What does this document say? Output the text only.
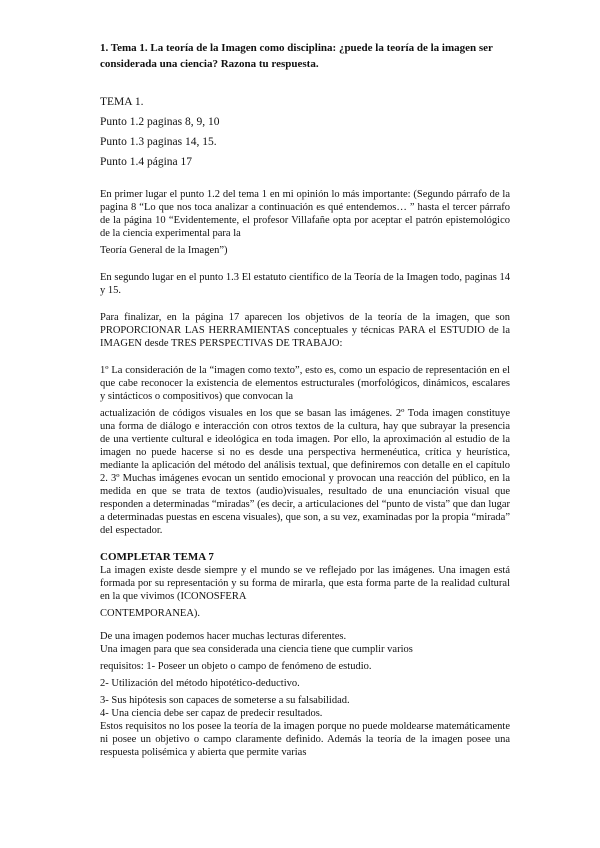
1. Tema 1. La teoría de la Imagen como disciplina: ¿puede la teoría de la imagen ser considerada una ciencia? Razona tu respuesta.

TEMA 1.

Punto 1.2 paginas 8, 9, 10

Punto 1.3 paginas 14, 15.

Punto 1.4 página 17

En primer lugar el punto 1.2 del tema 1 en mi opinión lo más importante: (Segundo párrafo de la pagina 8 “Lo que nos toca analizar a continuación es qué entendemos… ” hasta el tercer párrafo de la página 10 “Evidentemente, el profesor Villafañe opta por aceptar el patrón epistemológico de la ciencia experimental para la

Teoría General de la Imagen”)

En segundo lugar en el punto 1.3 El estatuto científico de la Teoría de la Imagen todo, paginas 14 y 15.

Para finalizar, en la página 17 aparecen los objetivos de la teoría de la imagen, que son PROPORCIONAR LAS HERRAMIENTAS conceptuales y técnicas PARA el ESTUDIO de la IMAGEN desde TRES PERSPECTIVAS DE TRABAJO:

1º La consideración de la “imagen como texto”, esto es, como un espacio de representación en el que cabe reconocer la existencia de elementos estructurales (morfológicos, dinámicos, escalares y sintácticos o compositivos) que convocan la

actualización de códigos visuales en los que se basan las imágenes. 2º Toda imagen constituye una forma de diálogo e interacción con otros textos de la cultura, hay que subrayar la presencia de una vertiente cultural e ideológica en toda imagen. Por ello, la aproximación al estudio de la imagen no puede hacerse si no es desde una perspectiva hermenéutica, crítica y heurística, mediante la aplicación del método del análisis textual, que definiremos con detalle en el capítulo 2. 3º Muchas imágenes evocan un sentido emocional y provocan una reacción del público, en la medida en que se trata de textos (audio)visuales, resultado de una enunciación visual que responden a determinadas “miradas” (es decir, a articulaciones del “punto de vista” que dan lugar a determinadas puestas en escena visuales), que son, a su vez, examinadas por la propia “mirada” del espectador.

COMPLETAR TEMA 7

La imagen existe desde siempre y el mundo se ve reflejado por las imágenes. Una imagen está formada por su representación y su forma de mirarla, que esta forma parte de la realidad cultural en la que vivimos (ICONOSFERA

CONTEMPORANEA).

De una imagen podemos hacer muchas lecturas diferentes.

Una imagen para que sea considerada una ciencia tiene que cumplir varios

requisitos: 1- Poseer un objeto o campo de fenómeno de estudio.

2- Utilización del método hipotético-deductivo.

3- Sus hipótesis son capaces de someterse a su falsabilidad.

4- Una ciencia debe ser capaz de predecir resultados.

Estos requisitos no los posee la teoría de la imagen porque no puede moldearse matemáticamente ni posee un objetivo o campo claramente definido. Además la teoría de la imagen posee una respuesta polisémica y abierta que permite varias
